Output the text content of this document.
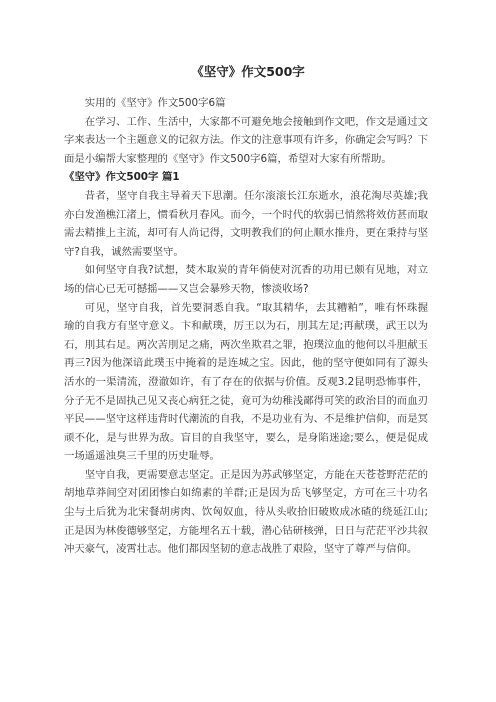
《坚守》作文500字

实用的《坚守》作文500字6篇

在学习、工作、生活中，大家都不可避免地会接触到作文吧，作文是通过文字来表达一个主题意义的记叙方法。作文的注意事项有许多，你确定会写吗？下面是小编帮大家整理的《坚守》作文500字6篇，希望对大家有所帮助。

《坚守》作文500字 篇1

昔者，坚守自我主导着天下思潮。任尔滚滚长江东逝水，浪花淘尽英雄;我亦白发渔樵江渚上，惯看秋月春风。而今，一个时代的软弱已悄然将效仿甚而取需去精推上主流，却可有人尚记得，文明教我们的何止顺水推舟，更在秉持与坚守?自我，诚然需要坚守。

如何坚守自我?试想，焚木取炭的青年倘使对沉香的功用已颇有见地，对立场的信心已无可撼摇——又岂会暴殄天物，惨淡收场?

可见，坚守自我，首先要洞悉自我。“取其精华，去其糟粕”，唯有怀珠握瑜的自我方有坚守意义。卞和献璞，厉王以为石，刖其左足;再献璞，武王以为石，刖其右足。两次苦刖足之痛，两次坐欺君之罪，抱璞泣血的他何以斗胆献玉再三?因为他深谙此璞玉中掩着的是连城之宝。因此，他的坚守便如同有了源头活水的一渠清流，澄澈如许，有了存在的依据与价值。反观3.2昆明恐怖事件，分子无不是固执己见又丧心病狂之徒，竟可为幼稚浅鄙得可笑的政治目的而血刃平民——坚守这样违背时代潮流的自我，不是功业有为、不是维护信仰，而是冥顽不化，是与世界为敌。盲目的自我坚守，要么，是身陷迷途;要么，便是促成一场遥遥浊臭三千里的历史耻辱。

坚守自我，更需要意志坚定。正是因为苏武够坚定，方能在天苍苍野茫茫的胡地草莽间空对团团惨白如绵素的羊群;正是因为岳飞够坚定，方可在三十功名尘与土后犹为北宋餐胡虏肉、饮匈奴血，待从头收拾旧破败成冰碴的绕延江山;正是因为林俊德够坚定，方能埋名五十载，潜心钻研核弹，日日与茫茫平沙共叙冲天豪气，凌霄壮志。他们都因坚韧的意志战胜了艰险，坚守了尊严与信仰。
